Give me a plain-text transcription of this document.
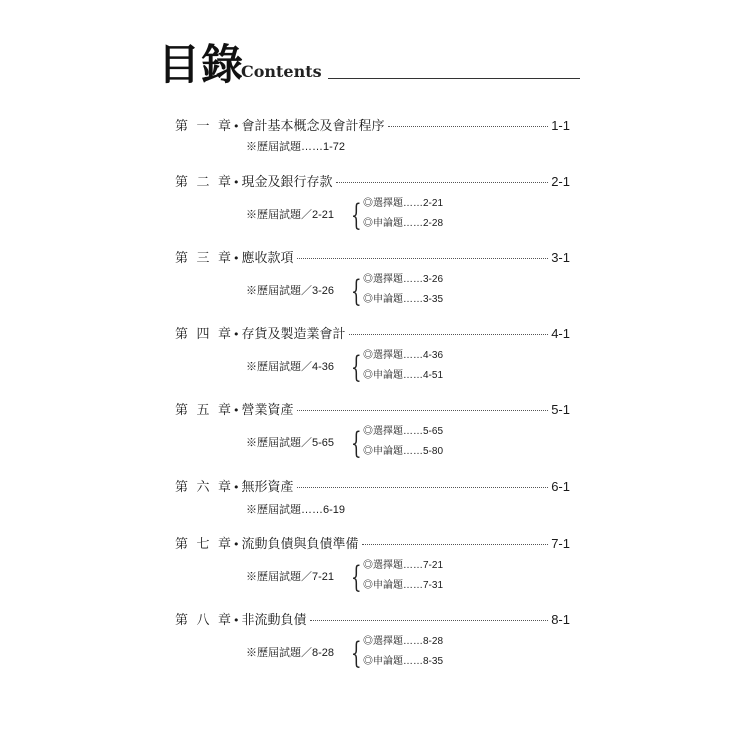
目錄
Contents
第 一 章 • 會計基本概念及會計程序	1-1
※歷屆試題……1-72
第 二 章 • 現金及銀行存款	2-1
※歷屆試題／2-21 { ◎選擇題……2-21
◎申論題……2-28
第 三 章 • 應收款項	3-1
※歷屆試題／3-26 { ◎選擇題……3-26
◎申論題……3-35
第 四 章 • 存貨及製造業會計	4-1
※歷屆試題／4-36 { ◎選擇題……4-36
◎申論題……4-51
第 五 章 • 營業資產	5-1
※歷屆試題／5-65 { ◎選擇題……5-65
◎申論題……5-80
第 六 章 • 無形資產	6-1
※歷屆試題……6-19
第 七 章 • 流動負債與負債準備	7-1
※歷屆試題／7-21 { ◎選擇題……7-21
◎申論題……7-31
第 八 章 • 非流動負債	8-1
※歷屆試題／8-28 { ◎選擇題……8-28
◎申論題……8-35
